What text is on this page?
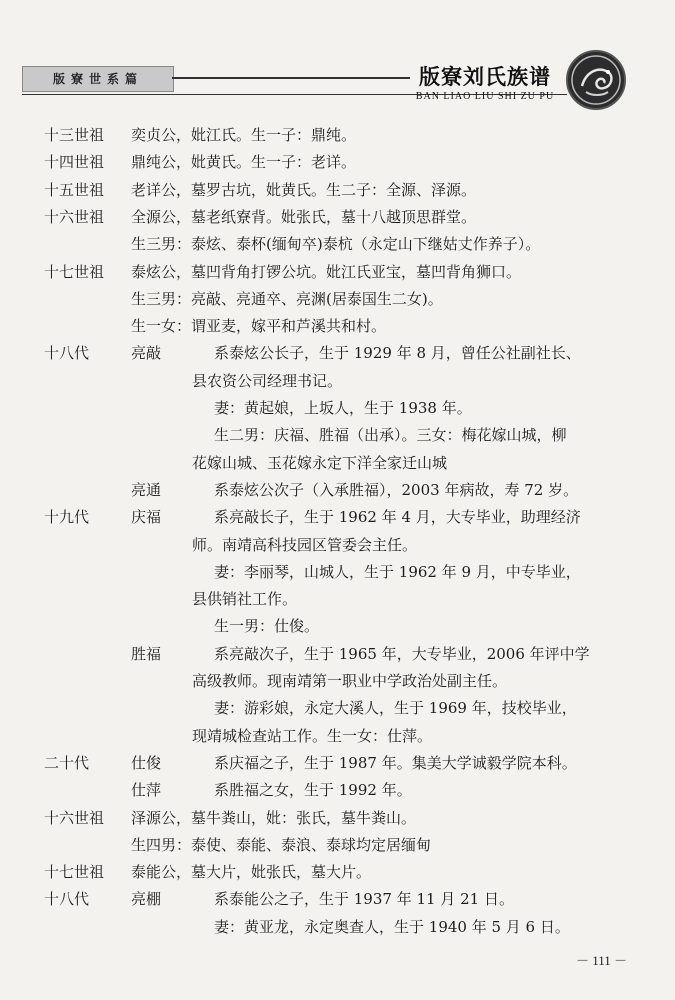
版寮世系篇	版寮刘氏族谱
BAN LIAO LIU SHI ZU PU
十三世祖 奕贞公，妣江氏。生一子：鼎纯。
十四世祖 鼎纯公，妣黄氏。生一子：老详。
十五世祖 老详公，墓罗古坑，妣黄氏。生二子：全源、泽源。
十六世祖 全源公，墓老纸寮背。妣张氏，墓十八越顶思群堂。
生三男：泰炫、泰杯(缅甸卒)泰杭（永定山下继姑丈作养子）。
十七世祖 泰炫公，墓凹背角打锣公坑。妣江氏亚宝，墓凹背角狮口。
生三男：亮敲、亮通卒、亮渊(居泰国生二女)。
生一女：谓亚麦，嫁平和芦溪共和村。
十八代	亮敲	系泰炫公长子，生于 1929 年 8 月，曾任公社副社长、
县农资公司经理书记。
妻：黄起娘，上坂人，生于 1938 年。
生二男：庆福、胜福（出承）。三女：梅花嫁山城，柳
花嫁山城、玉花嫁永定下洋全家迁山城
亮通	系泰炫公次子（入承胜福），2003 年病故，寿 72 岁。
十九代	庆福	系亮敲长子，生于 1962 年 4 月，大专毕业，助理经济
师。南靖高科技园区管委会主任。
妻：李丽琴，山城人，生于 1962 年 9 月，中专毕业，
县供销社工作。
生一男：仕俊。
胜福	系亮敲次子，生于 1965 年，大专毕业，2006 年评中学
高级教师。现南靖第一职业中学政治处副主任。
妻：游彩娘，永定大溪人，生于 1969 年，技校毕业，
现靖城检查站工作。生一女：仕萍。
二十代	仕俊	系庆福之子，生于 1987 年。集美大学诚毅学院本科。
仕萍	系胜福之女，生于 1992 年。
十六世祖 泽源公，墓牛粪山，妣：张氏，墓牛粪山。
生四男：泰使、泰能、泰浪、泰球均定居缅甸
十七世祖 泰能公，墓大片，妣张氏，墓大片。
十八代	亮棚	系泰能公之子，生于 1937 年 11 月 21 日。
妻：黄亚龙，永定奥查人，生于 1940 年 5 月 6 日。
－ 111 －
